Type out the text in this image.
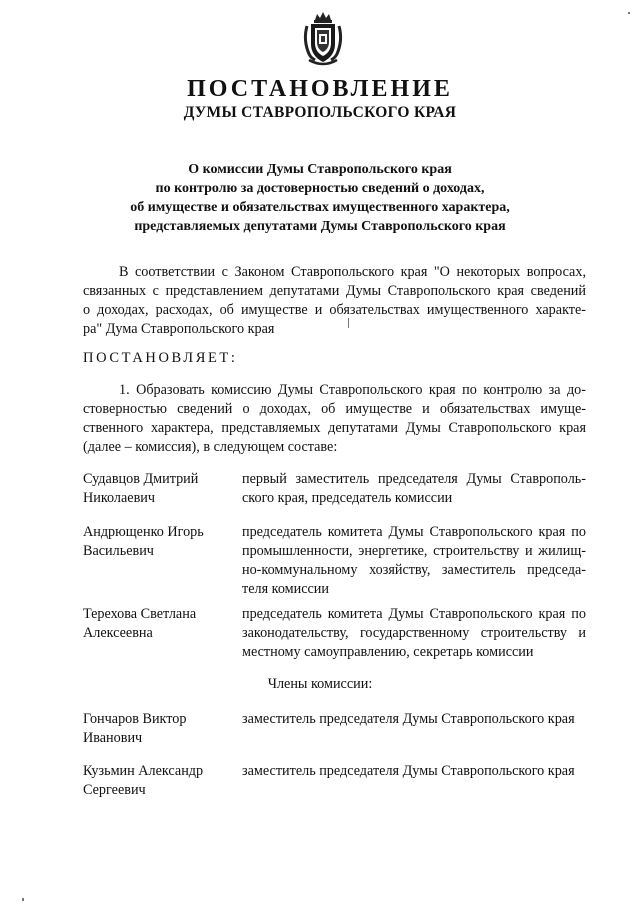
ПОСТАНОВЛЕНИЕ
ДУМЫ СТАВРОПОЛЬСКОГО КРАЯ
О комиссии Думы Ставропольского края
по контролю за достоверностью сведений о доходах,
об имуществе и обязательствах имущественного характера,
представляемых депутатами Думы Ставропольского края
В соответствии с Законом Ставропольского края "О некоторых вопросах,
связанных с представлением депутатами Думы Ставропольского края сведений
о доходах, расходах, об имуществе и обязательствах имущественного характе-
ра" Дума Ставропольского края
ПОСТАНОВЛЯЕТ:
1. Образовать комиссию Думы Ставропольского края по контролю за до-
стоверностью сведений о доходах, об имуществе и обязательствах имуще-
ственного характера, представляемых депутатами Думы Ставропольского края
(далее – комиссия), в следующем составе:
Судавцов Дмитрий
Николаевич
первый заместитель председателя Думы Ставрополь-
ского края, председатель комиссии
Андрющенко Игорь
Васильевич
председатель комитета Думы Ставропольского края по
промышленности, энергетике, строительству и жилищ-
но-коммунальному хозяйству, заместитель председа-
теля комиссии
Терехова Светлана
Алексеевна
председатель комитета Думы Ставропольского края по
законодательству, государственному строительству и
местному самоуправлению, секретарь комиссии
Члены комиссии:
Гончаров Виктор
Иванович
заместитель председателя Думы Ставропольского края
Кузьмин Александр
Сергеевич
заместитель председателя Думы Ставропольского края
